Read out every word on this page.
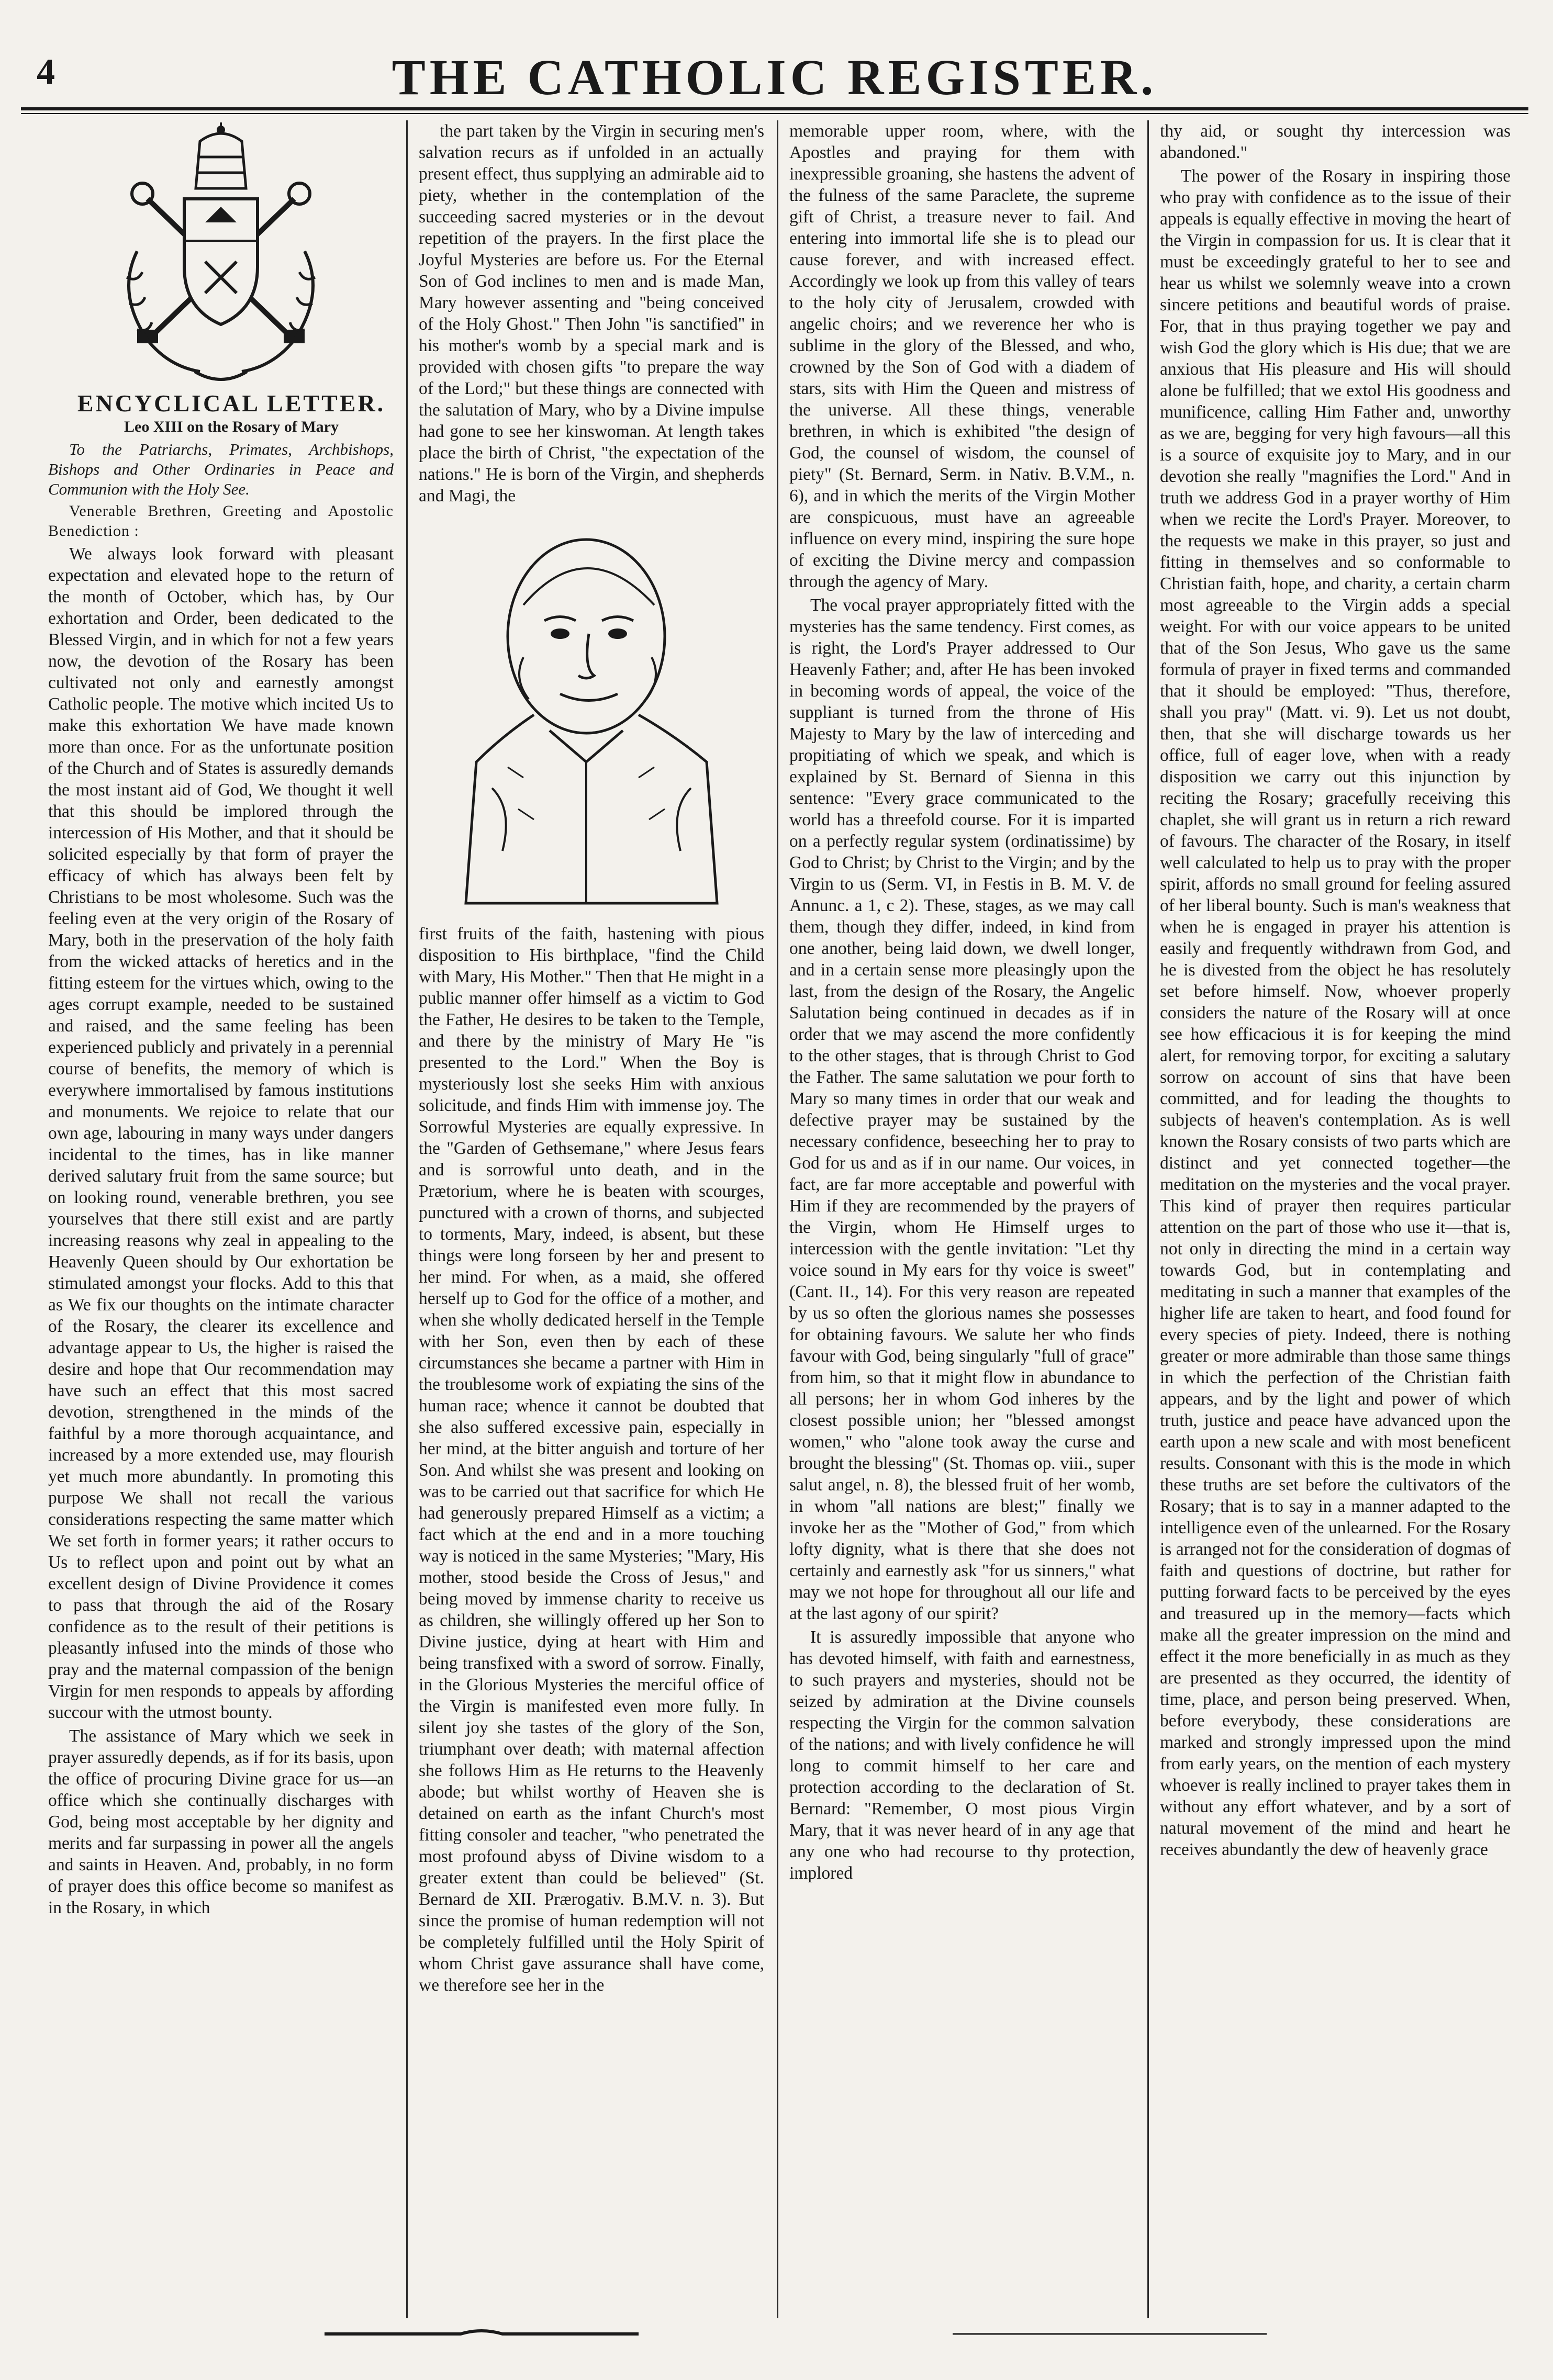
4	THE CATHOLIC REGISTER.

ENCYCLICAL LETTER.

Leo XIII on the Rosary of Mary

To the Patriarchs, Primates, Archbishops, Bishops and Other Ordinaries in Peace and Communion with the Holy See.

Venerable Brethren, Greeting and Apostolic Benediction :

We always look forward with pleasant expectation and elevated hope to the return of the month of October, which has, by Our exhortation and Order, been dedicated to the Blessed Virgin, and in which for not a few years now, the devotion of the Rosary has been cultivated not only and earnestly amongst Catholic people. The motive which incited Us to make this exhortation We have made known more than once. For as the unfortunate position of the Church and of States is assuredly demands the most instant aid of God, We thought it well that this should be implored through the intercession of His Mother, and that it should be solicited especially by that form of prayer the efficacy of which has always been felt by Christians to be most wholesome. Such was the feeling even at the very origin of the Rosary of Mary, both in the preservation of the holy faith from the wicked attacks of heretics and in the fitting esteem for the virtues which, owing to the ages corrupt example, needed to be sustained and raised, and the same feeling has been experienced publicly and privately in a perennial course of benefits, the memory of which is everywhere immortalised by famous institutions and monuments. We rejoice to relate that our own age, labouring in many ways under dangers incidental to the times, has in like manner derived salutary fruit from the same source; but on looking round, venerable brethren, you see yourselves that there still exist and are partly increasing reasons why zeal in appealing to the Heavenly Queen should by Our exhortation be stimulated amongst your flocks. Add to this that as We fix our thoughts on the intimate character of the Rosary, the clearer its excellence and advantage appear to Us, the higher is raised the desire and hope that Our recommendation may have such an effect that this most sacred devotion, strengthened in the minds of the faithful by a more thorough acquaintance, and increased by a more extended use, may flourish yet much more abundantly. In promoting this purpose We shall not recall the various considerations respecting the same matter which We set forth in former years; it rather occurs to Us to reflect upon and point out by what an excellent design of Divine Providence it comes to pass that through the aid of the Rosary confidence as to the result of their petitions is pleasantly infused into the minds of those who pray and the maternal compassion of the benign Virgin for men responds to appeals by affording succour with the utmost bounty.

The assistance of Mary which we seek in prayer assuredly depends, as if for its basis, upon the office of procuring Divine grace for us—an office which she continually discharges with God, being most acceptable by her dignity and merits and far surpassing in power all the angels and saints in Heaven. And, probably, in no form of prayer does this office become so manifest as in the Rosary, in which

the part taken by the Virgin in securing men's salvation recurs as if unfolded in an actually present effect, thus supplying an admirable aid to piety, whether in the contemplation of the succeeding sacred mysteries or in the devout repetition of the prayers. In the first place the Joyful Mysteries are before us. For the Eternal Son of God inclines to men and is made Man, Mary however assenting and "being conceived of the Holy Ghost." Then John "is sanctified" in his mother's womb by a special mark and is provided with chosen gifts "to prepare the way of the Lord;" but these things are connected with the salutation of Mary, who by a Divine impulse had gone to see her kinswoman. At length takes place the birth of Christ, "the expectation of the nations." He is born of the Virgin, and shepherds and Magi, the

first fruits of the faith, hastening with pious disposition to His birthplace, "find the Child with Mary, His Mother." Then that He might in a public manner offer himself as a victim to God the Father, He desires to be taken to the Temple, and there by the ministry of Mary He "is presented to the Lord." When the Boy is mysteriously lost she seeks Him with anxious solicitude, and finds Him with immense joy. The Sorrowful Mysteries are equally expressive. In the "Garden of Gethsemane," where Jesus fears and is sorrowful unto death, and in the Prætorium, where he is beaten with scourges, punctured with a crown of thorns, and subjected to torments, Mary, indeed, is absent, but these things were long forseen by her and present to her mind. For when, as a maid, she offered herself up to God for the office of a mother, and when she wholly dedicated herself in the Temple with her Son, even then by each of these circumstances she became a partner with Him in the troublesome work of expiating the sins of the human race; whence it cannot be doubted that she also suffered excessive pain, especially in her mind, at the bitter anguish and torture of her Son. And whilst she was present and looking on was to be carried out that sacrifice for which He had generously prepared Himself as a victim; a fact which at the end and in a more touching way is noticed in the same Mysteries; "Mary, His mother, stood beside the Cross of Jesus," and being moved by immense charity to receive us as children, she willingly offered up her Son to Divine justice, dying at heart with Him and being transfixed with a sword of sorrow. Finally, in the Glorious Mysteries the merciful office of the Virgin is manifested even more fully. In silent joy she tastes of the glory of the Son, triumphant over death; with maternal affection she follows Him as He returns to the Heavenly abode; but whilst worthy of Heaven she is detained on earth as the infant Church's most fitting consoler and teacher, "who penetrated the most profound abyss of Divine wisdom to a greater extent than could be believed" (St. Bernard de XII. Prærogativ. B.M.V. n. 3). But since the promise of human redemption will not be completely fulfilled until the Holy Spirit of whom Christ gave assurance shall have come, we therefore see her in the

memorable upper room, where, with the Apostles and praying for them with inexpressible groaning, she hastens the advent of the fulness of the same Paraclete, the supreme gift of Christ, a treasure never to fail. And entering into immortal life she is to plead our cause forever, and with increased effect. Accordingly we look up from this valley of tears to the holy city of Jerusalem, crowded with angelic choirs; and we reverence her who is sublime in the glory of the Blessed, and who, crowned by the Son of God with a diadem of stars, sits with Him the Queen and mistress of the universe. All these things, venerable brethren, in which is exhibited "the design of God, the counsel of wisdom, the counsel of piety" (St. Bernard, Serm. in Nativ. B.V.M., n. 6), and in which the merits of the Virgin Mother are conspicuous, must have an agreeable influence on every mind, inspiring the sure hope of exciting the Divine mercy and compassion through the agency of Mary.

The vocal prayer appropriately fitted with the mysteries has the same tendency. First comes, as is right, the Lord's Prayer addressed to Our Heavenly Father; and, after He has been invoked in becoming words of appeal, the voice of the suppliant is turned from the throne of His Majesty to Mary by the law of interceding and propitiating of which we speak, and which is explained by St. Bernard of Sienna in this sentence: "Every grace communicated to the world has a threefold course. For it is imparted on a perfectly regular system (ordinatissime) by God to Christ; by Christ to the Virgin; and by the Virgin to us (Serm. VI, in Festis in B. M. V. de Annunc. a 1, c 2). These, stages, as we may call them, though they differ, indeed, in kind from one another, being laid down, we dwell longer, and in a certain sense more pleasingly upon the last, from the design of the Rosary, the Angelic Salutation being continued in decades as if in order that we may ascend the more confidently to the other stages, that is through Christ to God the Father. The same salutation we pour forth to Mary so many times in order that our weak and defective prayer may be sustained by the necessary confidence, beseeching her to pray to God for us and as if in our name. Our voices, in fact, are far more acceptable and powerful with Him if they are recommended by the prayers of the Virgin, whom He Himself urges to intercession with the gentle invitation: "Let thy voice sound in My ears for thy voice is sweet" (Cant. II., 14). For this very reason are repeated by us so often the glorious names she possesses for obtaining favours. We salute her who finds favour with God, being singularly "full of grace" from him, so that it might flow in abundance to all persons; her in whom God inheres by the closest possible union; her "blessed amongst women," who "alone took away the curse and brought the blessing" (St. Thomas op. viii., super salut angel, n. 8), the blessed fruit of her womb, in whom "all nations are blest;" finally we invoke her as the "Mother of God," from which lofty dignity, what is there that she does not certainly and earnestly ask "for us sinners," what may we not hope for throughout all our life and at the last agony of our spirit?

It is assuredly impossible that anyone who has devoted himself, with faith and earnestness, to such prayers and mysteries, should not be seized by admiration at the Divine counsels respecting the Virgin for the common salvation of the nations; and with lively confidence he will long to commit himself to her care and protection according to the declaration of St. Bernard: "Remember, O most pious Virgin Mary, that it was never heard of in any age that any one who had recourse to thy protection, implored

thy aid, or sought thy intercession was abandoned."

The power of the Rosary in inspiring those who pray with confidence as to the issue of their appeals is equally effective in moving the heart of the Virgin in compassion for us. It is clear that it must be exceedingly grateful to her to see and hear us whilst we solemnly weave into a crown sincere petitions and beautiful words of praise. For, that in thus praying together we pay and wish God the glory which is His due; that we are anxious that His pleasure and His will should alone be fulfilled; that we extol His goodness and munificence, calling Him Father and, unworthy as we are, begging for very high favours—all this is a source of exquisite joy to Mary, and in our devotion she really "magnifies the Lord." And in truth we address God in a prayer worthy of Him when we recite the Lord's Prayer. Moreover, to the requests we make in this prayer, so just and fitting in themselves and so conformable to Christian faith, hope, and charity, a certain charm most agreeable to the Virgin adds a special weight. For with our voice appears to be united that of the Son Jesus, Who gave us the same formula of prayer in fixed terms and commanded that it should be employed: "Thus, therefore, shall you pray" (Matt. vi. 9). Let us not doubt, then, that she will discharge towards us her office, full of eager love, when with a ready disposition we carry out this injunction by reciting the Rosary; gracefully receiving this chaplet, she will grant us in return a rich reward of favours. The character of the Rosary, in itself well calculated to help us to pray with the proper spirit, affords no small ground for feeling assured of her liberal bounty. Such is man's weakness that when he is engaged in prayer his attention is easily and frequently withdrawn from God, and he is divested from the object he has resolutely set before himself. Now, whoever properly considers the nature of the Rosary will at once see how efficacious it is for keeping the mind alert, for removing torpor, for exciting a salutary sorrow on account of sins that have been committed, and for leading the thoughts to subjects of heaven's contemplation. As is well known the Rosary consists of two parts which are distinct and yet connected together—the meditation on the mysteries and the vocal prayer. This kind of prayer then requires particular attention on the part of those who use it—that is, not only in directing the mind in a certain way towards God, but in contemplating and meditating in such a manner that examples of the higher life are taken to heart, and food found for every species of piety. Indeed, there is nothing greater or more admirable than those same things in which the perfection of the Christian faith appears, and by the light and power of which truth, justice and peace have advanced upon the earth upon a new scale and with most beneficent results. Consonant with this is the mode in which these truths are set before the cultivators of the Rosary; that is to say in a manner adapted to the intelligence even of the unlearned. For the Rosary is arranged not for the consideration of dogmas of faith and questions of doctrine, but rather for putting forward facts to be perceived by the eyes and treasured up in the memory—facts which make all the greater impression on the mind and effect it the more beneficially in as much as they are presented as they occurred, the identity of time, place, and person being preserved. When, before everybody, these considerations are marked and strongly impressed upon the mind from early years, on the mention of each mystery whoever is really inclined to prayer takes them in without any effort whatever, and by a sort of natural movement of the mind and heart he receives abundantly the dew of heavenly grace
